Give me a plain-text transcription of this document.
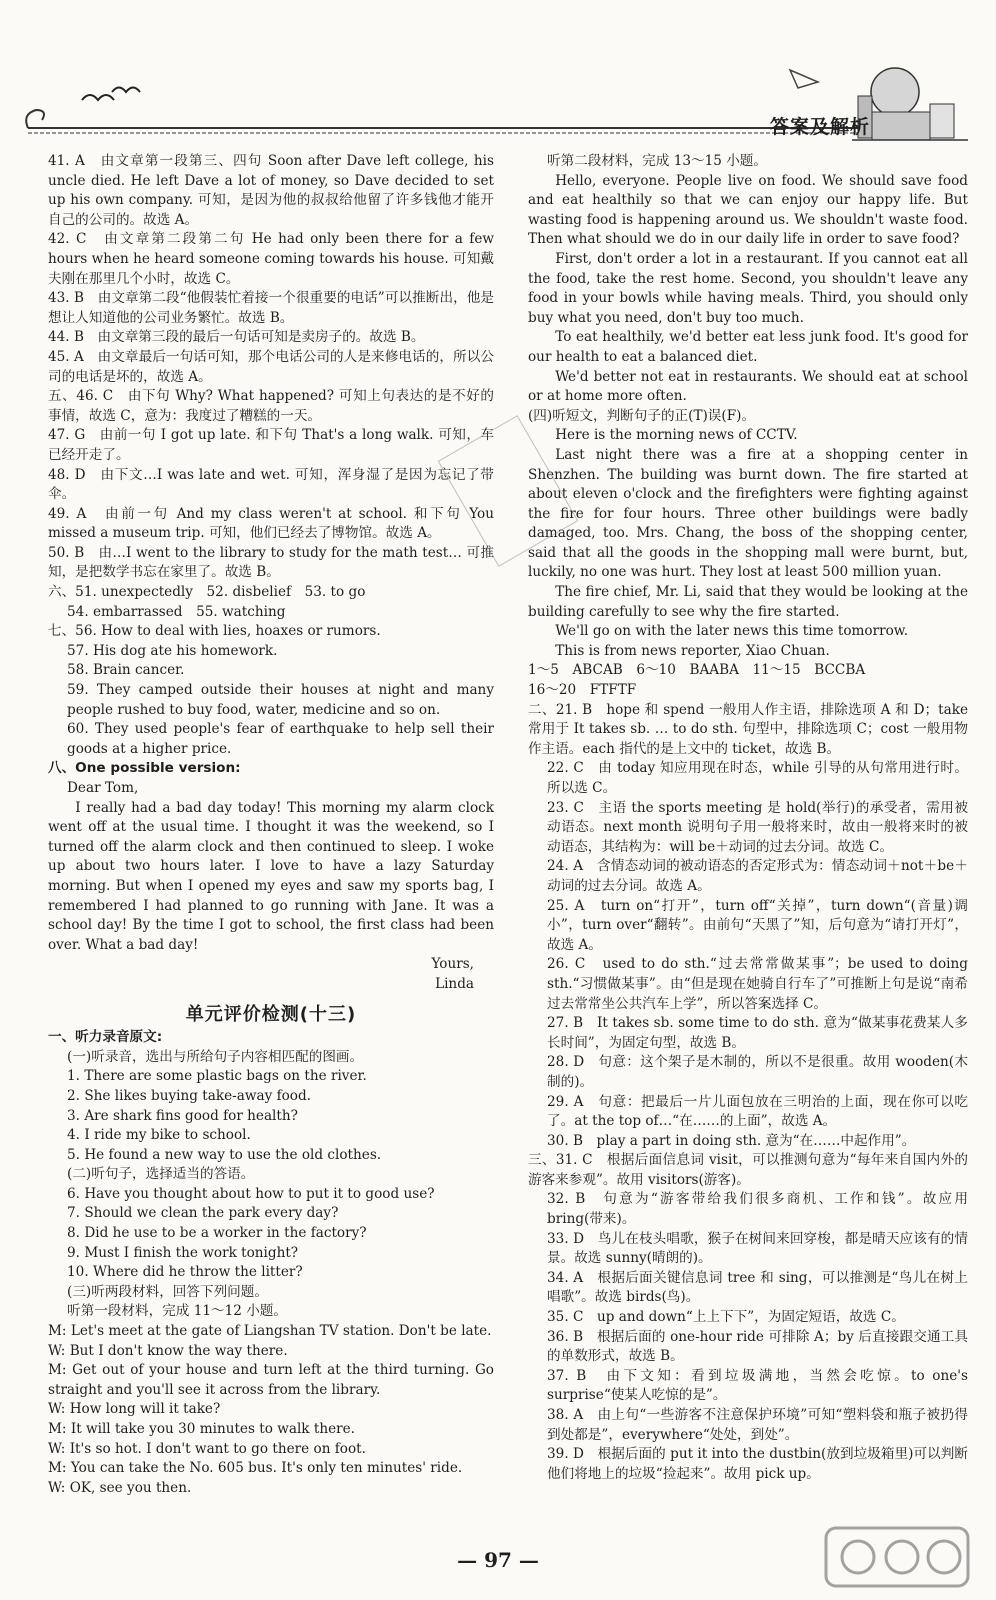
答案及解析
41. A　由文章第一段第三、四句 Soon after Dave left college, his uncle died. He left Dave a lot of money, so Dave decided to set up his own company. 可知，是因为他的叔叔给他留了许多钱他才能开自己的公司的。故选 A。
42. C　由文章第二段第二句 He had only been there for a few hours when he heard someone coming towards his house. 可知戴夫刚在那里几个小时，故选 C。
43. B　由文章第二段“他假装忙着接一个很重要的电话”可以推断出，他是想让人知道他的公司业务繁忙。故选 B。
44. B　由文章第三段的最后一句话可知是卖房子的。故选 B。
45. A　由文章最后一句话可知，那个电话公司的人是来修电话的，所以公司的电话是坏的，故选 A。
五、46. C　由下句 Why? What happened? 可知上句表达的是不好的事情，故选 C，意为：我度过了糟糕的一天。
47. G　由前一句 I got up late. 和下句 That's a long walk. 可知，车已经开走了。
48. D　由下文…I was late and wet. 可知，浑身湿了是因为忘记了带伞。
49. A　由前一句 And my class weren't at school. 和下句 You missed a museum trip. 可知，他们已经去了博物馆。故选 A。
50. B　由…I went to the library to study for the math test… 可推知，是把数学书忘在家里了。故选 B。
六、51. unexpectedly　52. disbelief　53. to go
54. embarrassed　55. watching
七、56. How to deal with lies, hoaxes or rumors.
57. His dog ate his homework.
58. Brain cancer.
59. They camped outside their houses at night and many people rushed to buy food, water, medicine and so on.
60. They used people's fear of earthquake to help sell their goods at a higher price.
八、One possible version:
Dear Tom,
I really had a bad day today! This morning my alarm clock went off at the usual time. I thought it was the weekend, so I turned off the alarm clock and then continued to sleep. I woke up about two hours later. I love to have a lazy Saturday morning. But when I opened my eyes and saw my sports bag, I remembered I had planned to go running with Jane. It was a school day! By the time I got to school, the first class had been over. What a bad day!
Yours,
Linda
单元评价检测(十三)
一、听力录音原文:
(一)听录音，选出与所给句子内容相匹配的图画。
1. There are some plastic bags on the river.
2. She likes buying take-away food.
3. Are shark fins good for health?
4. I ride my bike to school.
5. He found a new way to use the old clothes.
(二)听句子，选择适当的答语。
6. Have you thought about how to put it to good use?
7. Should we clean the park every day?
8. Did he use to be a worker in the factory?
9. Must I finish the work tonight?
10. Where did he throw the litter?
(三)听两段材料，回答下列问题。
听第一段材料，完成 11～12 小题。
M: Let's meet at the gate of Liangshan TV station. Don't be late.
W: But I don't know the way there.
M: Get out of your house and turn left at the third turning. Go straight and you'll see it across from the library.
W: How long will it take?
M: It will take you 30 minutes to walk there.
W: It's so hot. I don't want to go there on foot.
M: You can take the No. 605 bus. It's only ten minutes' ride.
W: OK, see you then.
听第二段材料，完成 13～15 小题。
Hello, everyone. People live on food. We should save food and eat healthily so that we can enjoy our happy life. But wasting food is happening around us. We shouldn't waste food. Then what should we do in our daily life in order to save food?
First, don't order a lot in a restaurant. If you cannot eat all the food, take the rest home. Second, you shouldn't leave any food in your bowls while having meals. Third, you should only buy what you need, don't buy too much.
To eat healthily, we'd better eat less junk food. It's good for our health to eat a balanced diet.
We'd better not eat in restaurants. We should eat at school or at home more often.
(四)听短文，判断句子的正(T)误(F)。
Here is the morning news of CCTV.
Last night there was a fire at a shopping center in Shenzhen. The building was burnt down. The fire started at about eleven o'clock and the firefighters were fighting against the fire for four hours. Three other buildings were badly damaged, too. Mrs. Chang, the boss of the shopping center, said that all the goods in the shopping mall were burnt, but, luckily, no one was hurt. They lost at least 500 million yuan.
The fire chief, Mr. Li, said that they would be looking at the building carefully to see why the fire started.
We'll go on with the later news this time tomorrow.
This is from news reporter, Xiao Chuan.
1～5　ABCAB　6～10　BAABA　11～15　BCCBA
16～20　FTFTF
二、21. B　hope 和 spend 一般用人作主语，排除选项 A 和 D；take 常用于 It takes sb. … to do sth. 句型中，排除选项 C；cost 一般用物作主语。each 指代的是上文中的 ticket，故选 B。
22. C　由 today 知应用现在时态，while 引导的从句常用进行时。所以选 C。
23. C　主语 the sports meeting 是 hold(举行)的承受者，需用被动语态。next month 说明句子用一般将来时，故由一般将来时的被动语态，其结构为：will be＋动词的过去分词。故选 C。
24. A　含情态动词的被动语态的否定形式为：情态动词＋not＋be＋动词的过去分词。故选 A。
25. A　turn on“打开”，turn off“关掉”，turn down“(音量)调小”，turn over“翻转”。由前句“天黑了”知，后句意为“请打开灯”，故选 A。
26. C　used to do sth.“过去常常做某事”；be used to doing sth.“习惯做某事”。由“但是现在她骑自行车了”可推断上句是说“南希过去常常坐公共汽车上学”，所以答案选择 C。
27. B　It takes sb. some time to do sth. 意为“做某事花费某人多长时间”，为固定句型，故选 B。
28. D　句意：这个架子是木制的，所以不是很重。故用 wooden(木制的)。
29. A　句意：把最后一片儿面包放在三明治的上面，现在你可以吃了。at the top of…“在……的上面”，故选 A。
30. B　play a part in doing sth. 意为“在……中起作用”。
三、31. C　根据后面信息词 visit，可以推测句意为“每年来自国内外的游客来参观”。故用 visitors(游客)。
32. B　句意为“游客带给我们很多商机、工作和钱”。故应用 bring(带来)。
33. D　鸟儿在枝头唱歌，猴子在树间来回穿梭，都是晴天应该有的情景。故选 sunny(晴朗的)。
34. A　根据后面关键信息词 tree 和 sing，可以推测是“鸟儿在树上唱歌”。故选 birds(鸟)。
35. C　up and down“上上下下”，为固定短语，故选 C。
36. B　根据后面的 one-hour ride 可排除 A；by 后直接跟交通工具的单数形式，故选 B。
37. B　由下文知：看到垃圾满地，当然会吃惊。to one's surprise“使某人吃惊的是”。
38. A　由上句“一些游客不注意保护环境”可知“塑料袋和瓶子被扔得到处都是”，everywhere“处处，到处”。
39. D　根据后面的 put it into the dustbin(放到垃圾箱里)可以判断他们将地上的垃圾“捡起来”。故用 pick up。
— 97 —
